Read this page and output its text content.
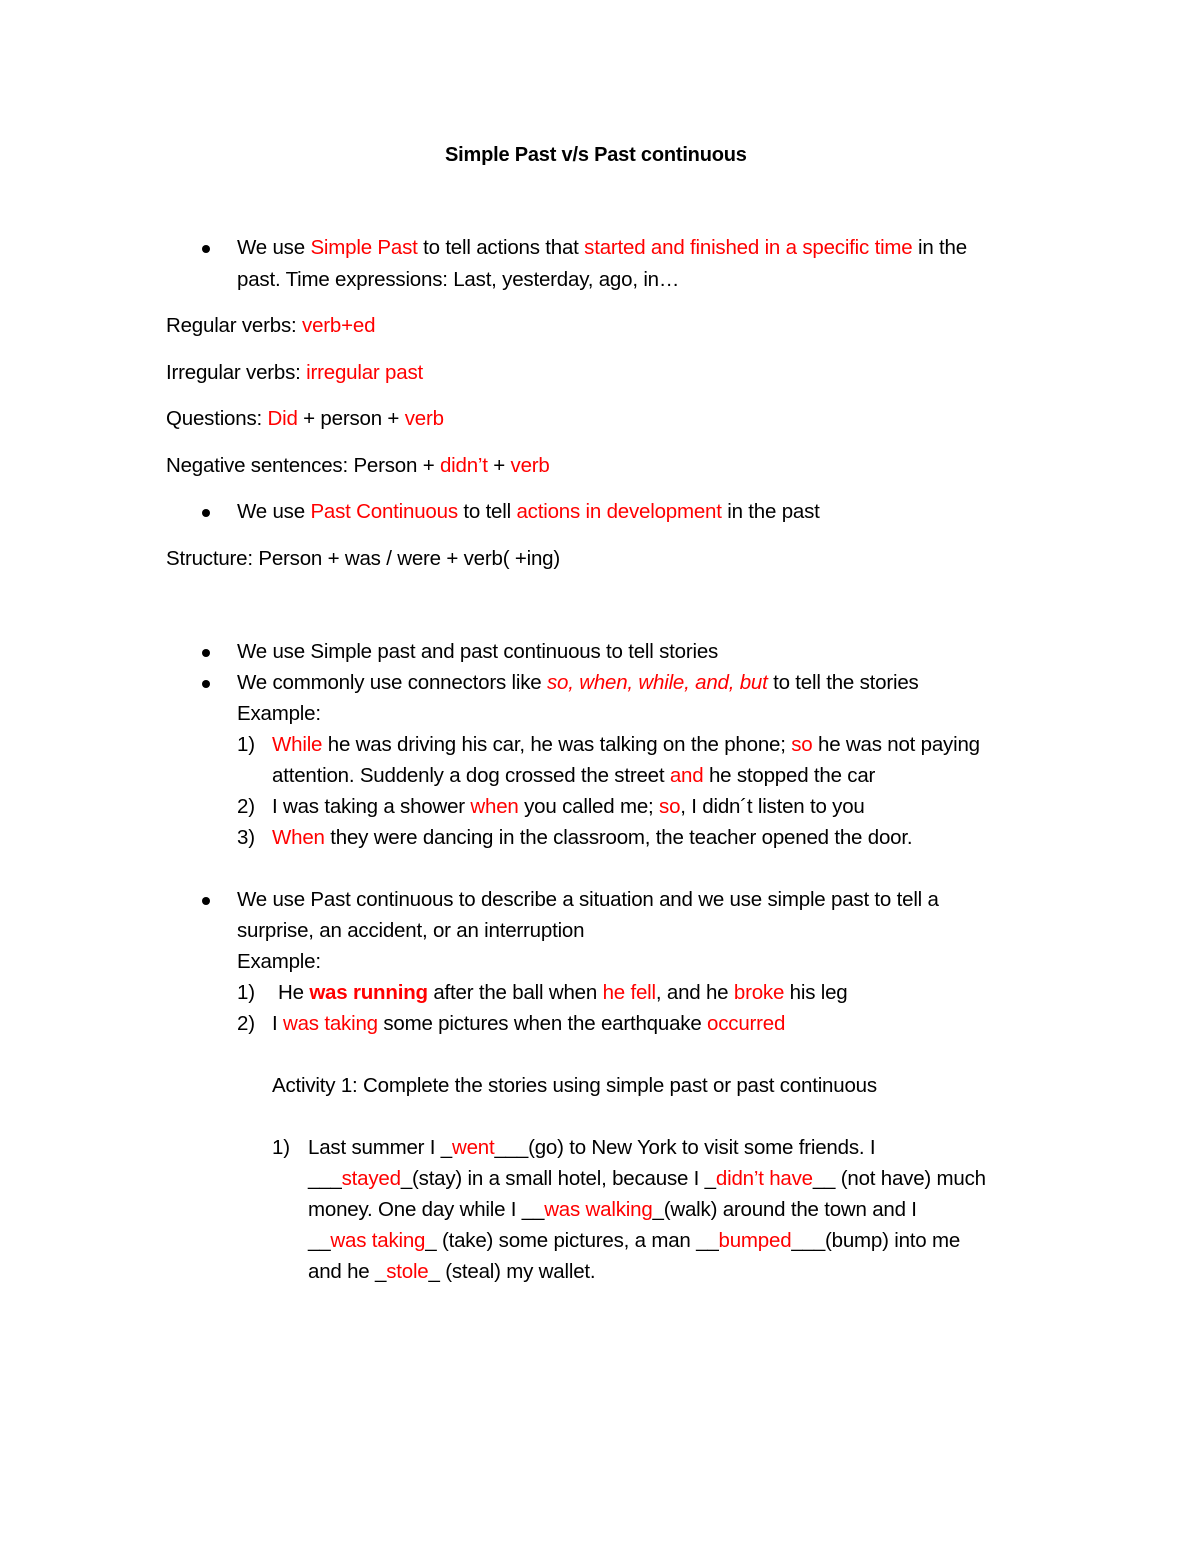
Simple Past v/s Past continuous
We use Simple Past to tell actions that started and finished in a specific time in the
past. Time expressions: Last, yesterday, ago, in…
Regular verbs: verb+ed
Irregular verbs: irregular past
Questions: Did + person + verb
Negative sentences: Person + didn’t + verb
We use Past Continuous to tell actions in development in the past
Structure: Person + was / were + verb( +ing)
We use Simple past and past continuous to tell stories
We commonly use connectors like so, when, while, and, but to tell the stories
Example:
1) While he was driving his car, he was talking on the phone; so he was not paying
attention. Suddenly a dog crossed the street and he stopped the car
2) I was taking a shower when you called me; so, I didn´t listen to you
3) When they were dancing in the classroom, the teacher opened the door.
We use Past continuous to describe a situation and we use simple past to tell a
surprise, an accident, or an interruption
Example:
1) He was running after the ball when he fell, and he broke his leg
2) I was taking some pictures when the earthquake occurred
Activity 1: Complete the stories using simple past or past continuous
1) Last summer I _went___(go) to New York to visit some friends. I
___stayed_(stay) in a small hotel, because I _didn’t have__ (not have) much
money. One day while I __was walking_(walk) around the town and I
__was taking_ (take) some pictures, a man __bumped___(bump) into me
and he _stole_ (steal) my wallet.
